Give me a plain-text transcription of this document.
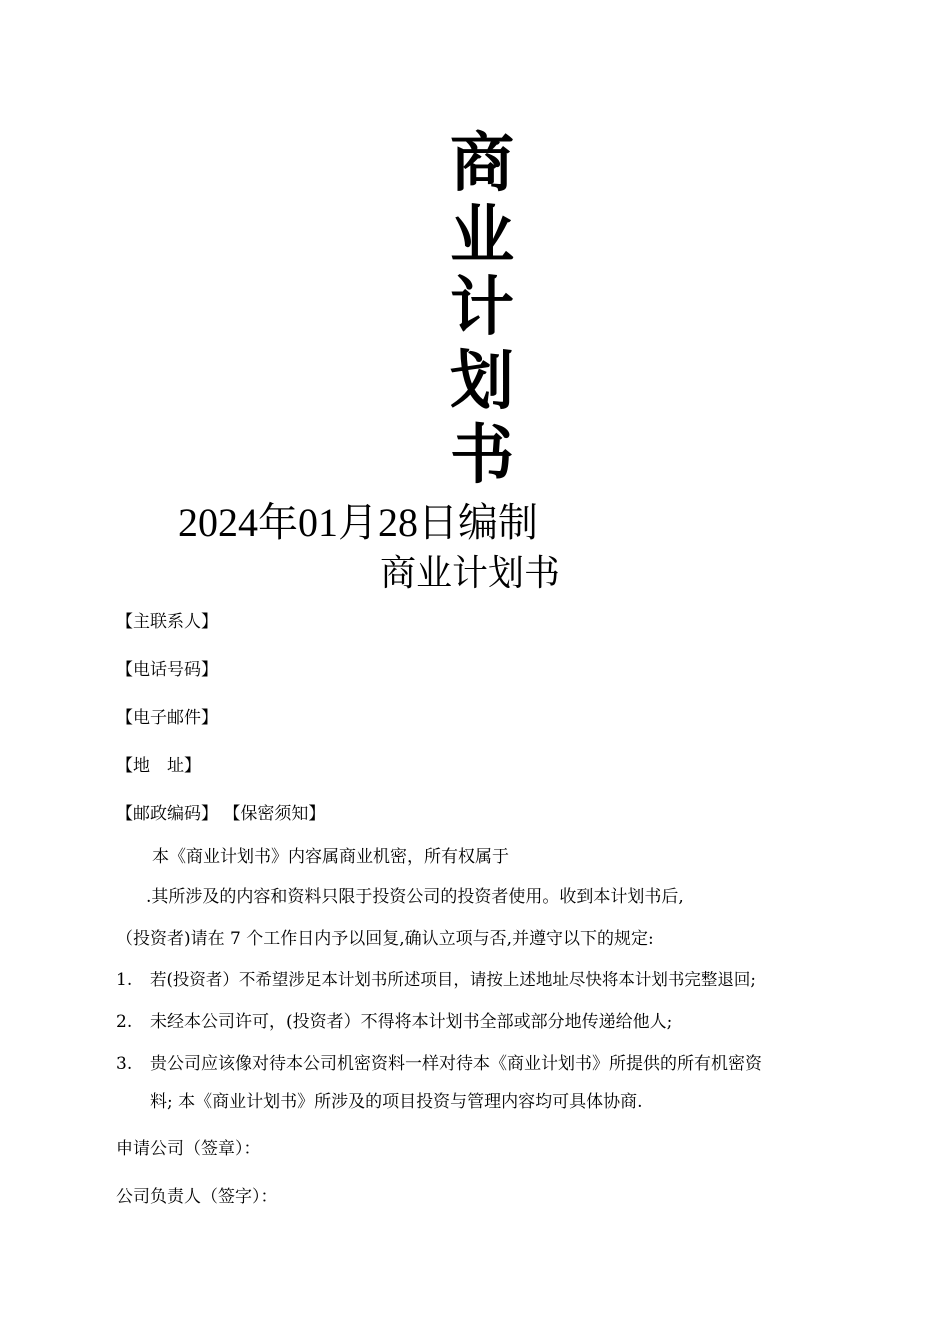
商
业
计
划
书
2024年01月28日编制
商业计划书
【主联系人】
【电话号码】
【电子邮件】
【地　址】
【邮政编码】 【保密须知】
本《商业计划书》内容属商业机密，所有权属于
.其所涉及的内容和资料只限于投资公司的投资者使用。收到本计划书后,
（投资者)请在 7 个工作日内予以回复,确认立项与否,并遵守以下的规定:
1. 若(投资者）不希望涉足本计划书所述项目，请按上述地址尽快将本计划书完整退回;
2. 未经本公司许可，(投资者）不得将本计划书全部或部分地传递给他人;
3. 贵公司应该像对待本公司机密资料一样对待本《商业计划书》所提供的所有机密资
料; 本《商业计划书》所涉及的项目投资与管理内容均可具体协商.
申请公司（签章）：
公司负责人（签字）：
